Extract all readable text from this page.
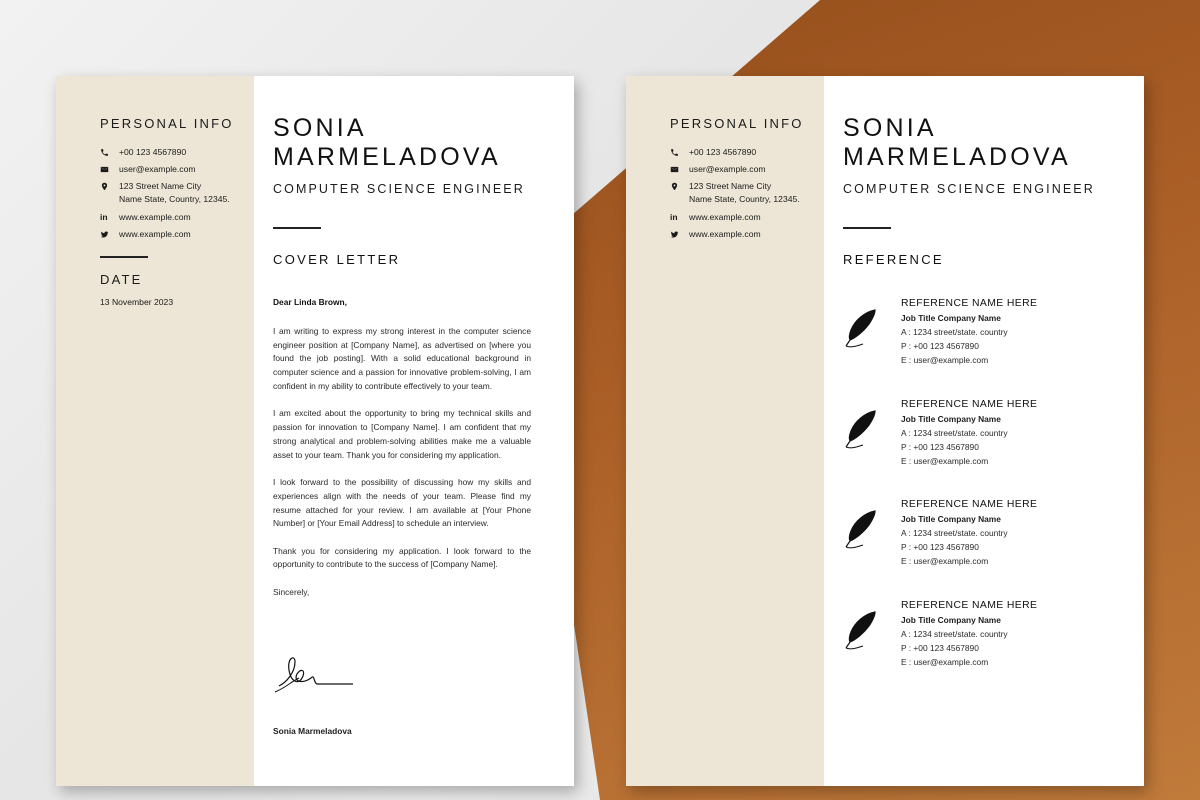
PERSONAL INFO
+00 123 4567890
user@example.com
123 Street Name City
Name State, Country, 12345.
in www.example.com
www.example.com
DATE
13 November 2023
SONIA
MARMELADOVA
COMPUTER SCIENCE ENGINEER
COVER LETTER
Dear Linda Brown,

I am writing to express my strong interest in the computer science engineer position at [Company Name], as advertised on [where you found the job posting]. With a solid educational background in computer science and a passion for innovative problem-solving, I am confident in my ability to contribute effectively to your team.

I am excited about the opportunity to bring my technical skills and passion for innovation to [Company Name]. I am confident that my strong analytical and problem-solving abilities make me a valuable asset to your team. Thank you for considering my application.

I look forward to the possibility of discussing how my skills and experiences align with the needs of your team. Please find my resume attached for your review. I am available at [Your Phone Number] or [Your Email Address] to schedule an interview.

Thank you for considering my application. I look forward to the opportunity to contribute to the success of [Company Name].

Sincerely,

Sonia Marmeladova
PERSONAL INFO
+00 123 4567890
user@example.com
123 Street Name City
Name State, Country, 12345.
in www.example.com
www.example.com
SONIA
MARMELADOVA
COMPUTER SCIENCE ENGINEER
REFERENCE
REFERENCE NAME HERE
Job Title Company Name
A : 1234 street/state. country
P : +00 123 4567890
E : user@example.com
REFERENCE NAME HERE
Job Title Company Name
A : 1234 street/state. country
P : +00 123 4567890
E : user@example.com
REFERENCE NAME HERE
Job Title Company Name
A : 1234 street/state. country
P : +00 123 4567890
E : user@example.com
REFERENCE NAME HERE
Job Title Company Name
A : 1234 street/state. country
P : +00 123 4567890
E : user@example.com
